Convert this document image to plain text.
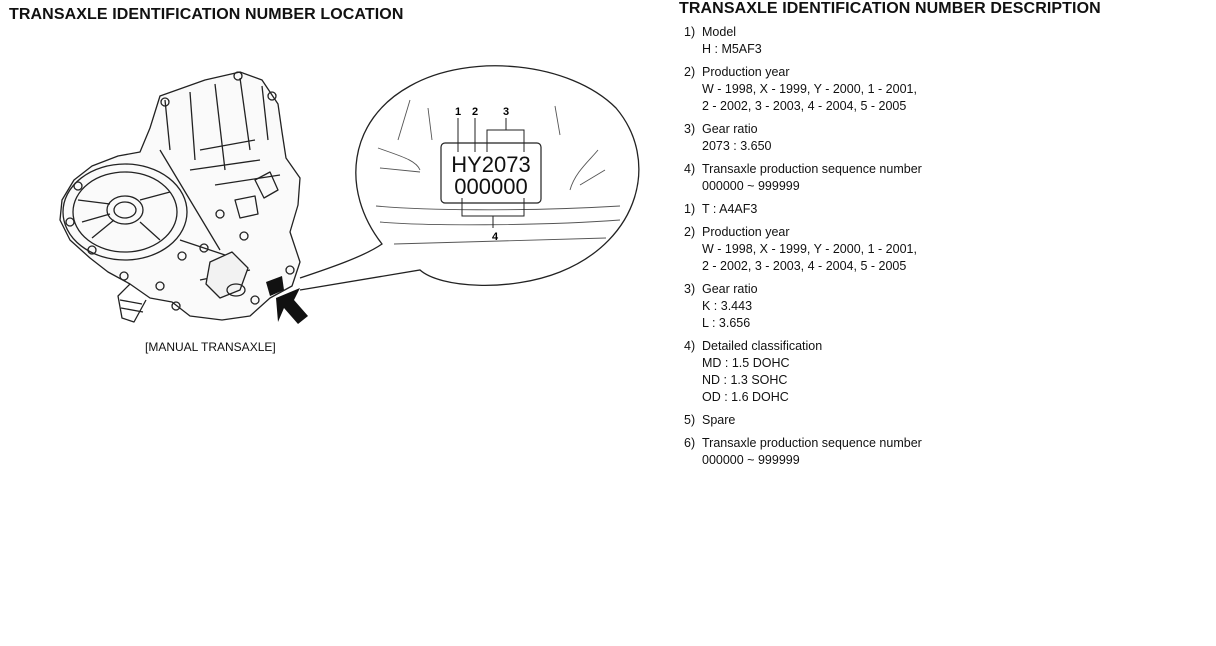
TRANSAXLE IDENTIFICATION NUMBER LOCATION	TRANSAXLE IDENTIFICATION NUMBER DESCRIPTION
HY2073
000000
1 2 3
4
[MANUAL TRANSAXLE]
1) Model
H : M5AF3
2) Production year
W - 1998, X - 1999, Y - 2000, 1 - 2001,
2 - 2002, 3 - 2003, 4 - 2004, 5 - 2005
3) Gear ratio
2073 : 3.650
4) Transaxle production sequence number
000000 ~ 999999
1) T : A4AF3
2) Production year
W - 1998, X - 1999, Y - 2000, 1 - 2001,
2 - 2002, 3 - 2003, 4 - 2004, 5 - 2005
3) Gear ratio
K : 3.443
L : 3.656
4) Detailed classification
MD : 1.5 DOHC
ND : 1.3 SOHC
OD : 1.6 DOHC
5) Spare
6) Transaxle production sequence number
000000 ~ 999999
